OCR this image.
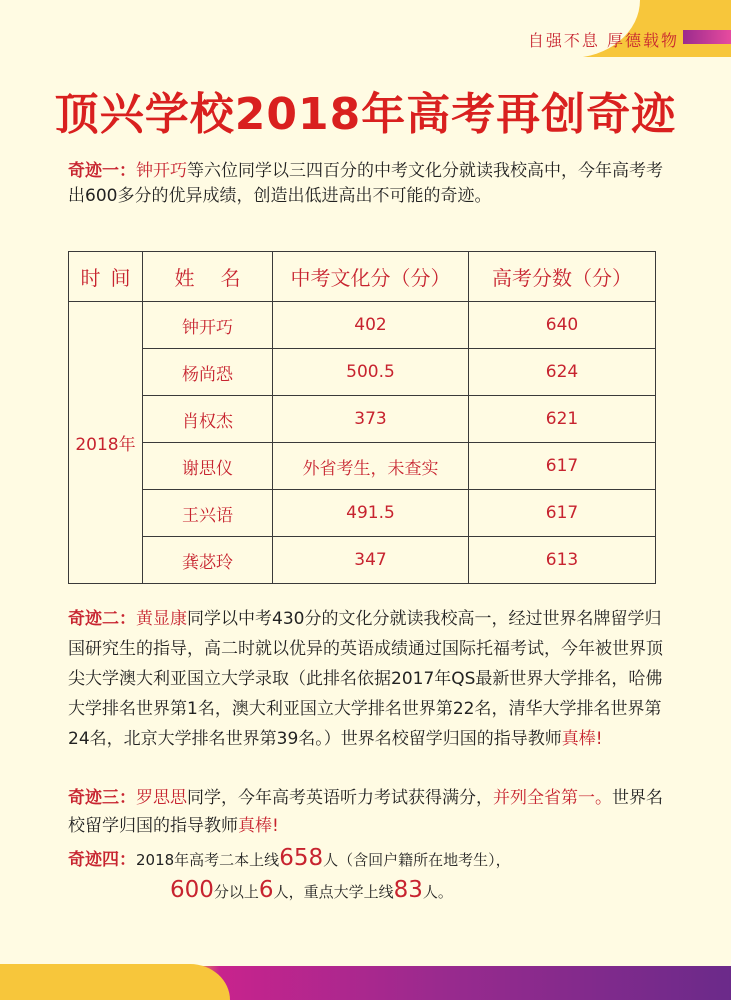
自强不息 厚德载物
顶兴学校2018年高考再创奇迹

奇迹一：钟开巧等六位同学以三四百分的中考文化分就读我校高中，今年高考考出600多分的优异成绩，创造出低进高出不可能的奇迹。

时间	姓名	中考文化分（分）	高考分数（分）
2018年	钟开巧	402	640
	杨尚恐	500.5	624
	肖权杰	373	621
	谢思仪	外省考生，未查实	617
	王兴语	491.5	617
	龚苾玲	347	613

奇迹二：黄显康同学以中考430分的文化分就读我校高一，经过世界名牌留学归国研究生的指导，高二时就以优异的英语成绩通过国际托福考试，今年被世界顶尖大学澳大利亚国立大学录取（此排名依据2017年QS最新世界大学排名，哈佛大学排名世界第1名，澳大利亚国立大学排名世界第22名，清华大学排名世界第24名，北京大学排名世界第39名。）世界名校留学归国的指导教师真棒!

奇迹三：罗思思同学，今年高考英语听力考试获得满分，并列全省第一。世界名校留学归国的指导教师真棒!

奇迹四：2018年高考二本上线658人（含回户籍所在地考生），
600分以上6人，重点大学上线83人。
